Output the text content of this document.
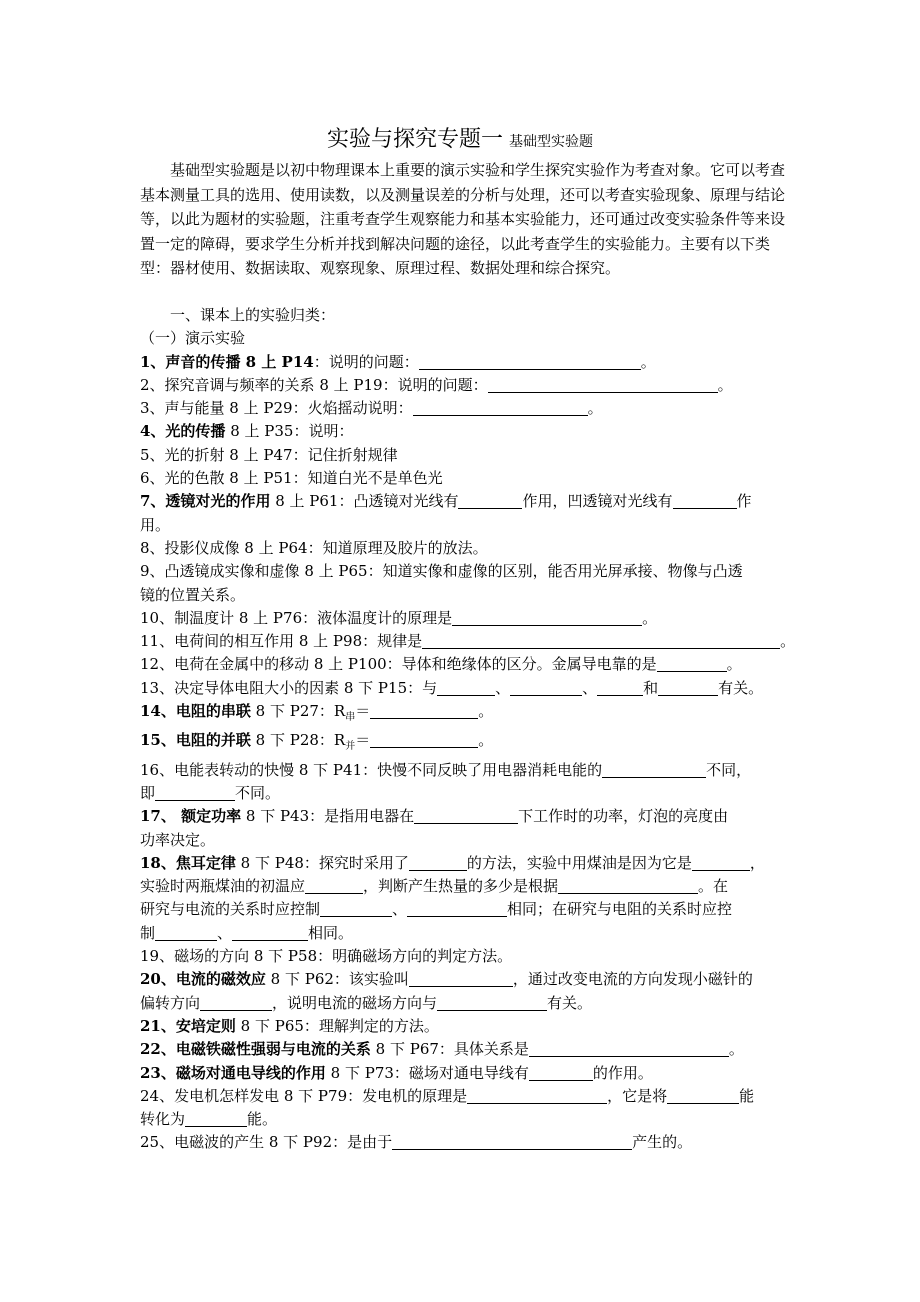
实验与探究专题一 基础型实验题
基础型实验题是以初中物理课本上重要的演示实验和学生探究实验作为考查对象。它可以考查基本测量工具的选用、使用读数，以及测量误差的分析与处理，还可以考查实验现象、原理与结论等，以此为题材的实验题，注重考查学生观察能力和基本实验能力，还可通过改变实验条件等来设置一定的障碍，要求学生分析并找到解决问题的途径，以此考查学生的实验能力。主要有以下类型：器材使用、数据读取、观察现象、原理过程、数据处理和综合探究。
一、课本上的实验归类：
（一）演示实验
1、声音的传播 8 上 P14：说明的问题：	。
2、探究音调与频率的关系 8 上 P19：说明的问题：	。
3、声与能量 8 上 P29：火焰摇动说明：	。
4、光的传播 8 上 P35：说明：
5、光的折射 8 上 P47：记住折射规律
6、光的色散 8 上 P51：知道白光不是单色光
7、透镜对光的作用 8 上 P61：凸透镜对光线有	作用，凹透镜对光线有	作
用。
8、投影仪成像 8 上 P64：知道原理及胶片的放法。
9、凸透镜成实像和虚像 8 上 P65：知道实像和虚像的区别，能否用光屏承接、物像与凸透
镜的位置关系。
10、制温度计 8 上 P76：液体温度计的原理是	。
11、电荷间的相互作用 8 上 P98：规律是	。
12、电荷在金属中的移动 8 上 P100：导体和绝缘体的区分。金属导电靠的是	。
13、决定导体电阻大小的因素 8 下 P15：与	、	、	和	有关。
14、电阻的串联 8 下 P27：$R_串=$	。
15、电阻的并联 8 下 P28：$R_并=$	。
16、电能表转动的快慢 8 下 P41：快慢不同反映了用电器消耗电能的	不同，
即	不同。
17、 额定功率 8 下 P43：是指用电器在	下工作时的功率，灯泡的亮度由
功率决定。
18、焦耳定律 8 下 P48：探究时采用了	的方法，实验中用煤油是因为它是	，
实验时两瓶煤油的初温应	，判断产生热量的多少是根据	。在
研究与电流的关系时应控制	、	相同；在研究与电阻的关系时应控
制	、	相同。
19、磁场的方向 8 下 P58：明确磁场方向的判定方法。
20、电流的磁效应 8 下 P62：该实验叫	，通过改变电流的方向发现小磁针的
偏转方向	，说明电流的磁场方向与	有关。
21、安培定则 8 下 P65：理解判定的方法。
22、电磁铁磁性强弱与电流的关系 8 下 P67：具体关系是	。
23、磁场对通电导线的作用 8 下 P73：磁场对通电导线有	的作用。
24、发电机怎样发电 8 下 P79：发电机的原理是	，它是将	能
转化为	能。
25、电磁波的产生 8 下 P92：是由于	产生的。
